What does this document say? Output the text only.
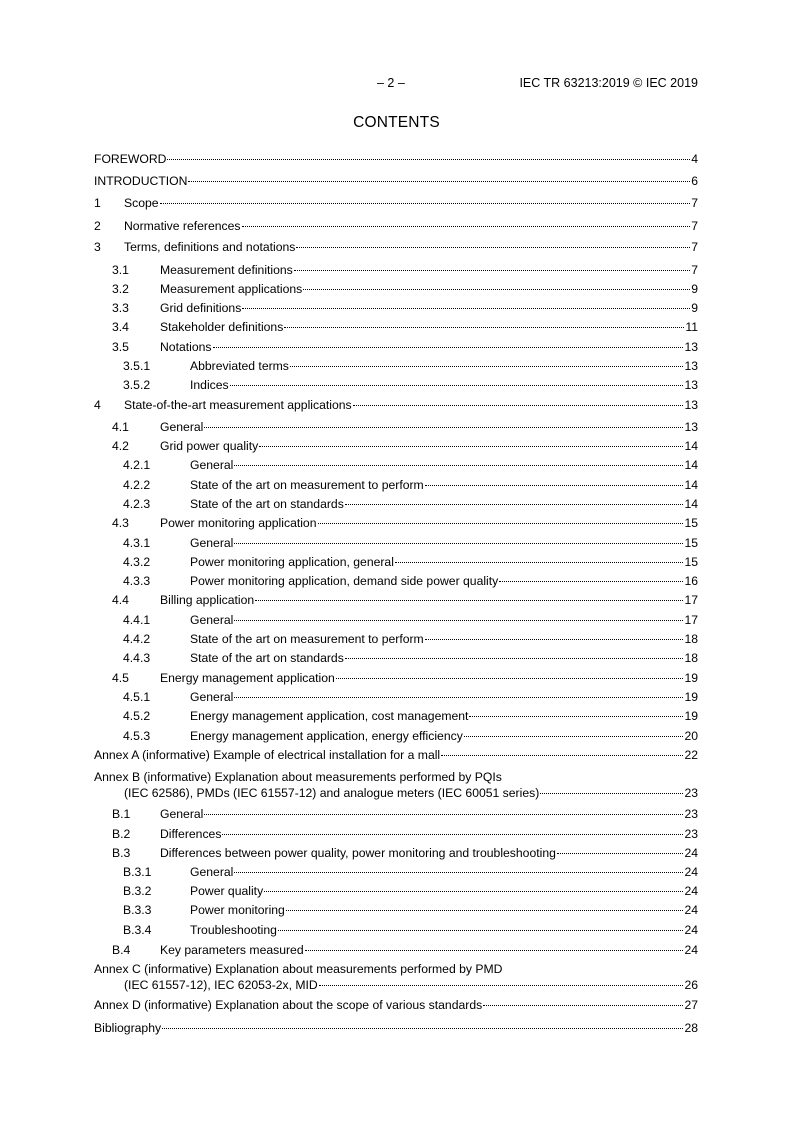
– 2 –	IEC TR 63213:2019 © IEC 2019
CONTENTS
FOREWORD	4
INTRODUCTION	6
1 Scope	7
2 Normative references	7
3 Terms, definitions and notations	7
3.1	Measurement definitions	7
3.2	Measurement applications	9
3.3	Grid definitions	9
3.4	Stakeholder definitions	11
3.5	Notations	13
3.5.1	Abbreviated terms	13
3.5.2	Indices	13
4 State-of-the-art measurement applications	13
4.1	General	13
4.2	Grid power quality	14
4.2.1	General	14
4.2.2	State of the art on measurement to perform	14
4.2.3	State of the art on standards	14
4.3	Power monitoring application	15
4.3.1	General	15
4.3.2	Power monitoring application, general	15
4.3.3	Power monitoring application, demand side power quality	16
4.4	Billing application	17
4.4.1	General	17
4.4.2	State of the art on measurement to perform	18
4.4.3	State of the art on standards	18
4.5	Energy management application	19
4.5.1	General	19
4.5.2	Energy management application, cost management	19
4.5.3	Energy management application, energy efficiency	20
Annex A (informative) Example of electrical installation for a mall	22
Annex B (informative) Explanation about measurements performed by PQIs
(IEC 62586), PMDs (IEC 61557-12) and analogue meters (IEC 60051 series)	23
B.1 General	23
B.2 Differences	23
B.3 Differences between power quality, power monitoring and troubleshooting	24
B.3.1	General	24
B.3.2	Power quality	24
B.3.3	Power monitoring	24
B.3.4	Troubleshooting	24
B.4 Key parameters measured	24
Annex C (informative) Explanation about measurements performed by PMD
(IEC 61557-12), IEC 62053-2x, MID	26
Annex D (informative) Explanation about the scope of various standards	27
Bibliography	28
